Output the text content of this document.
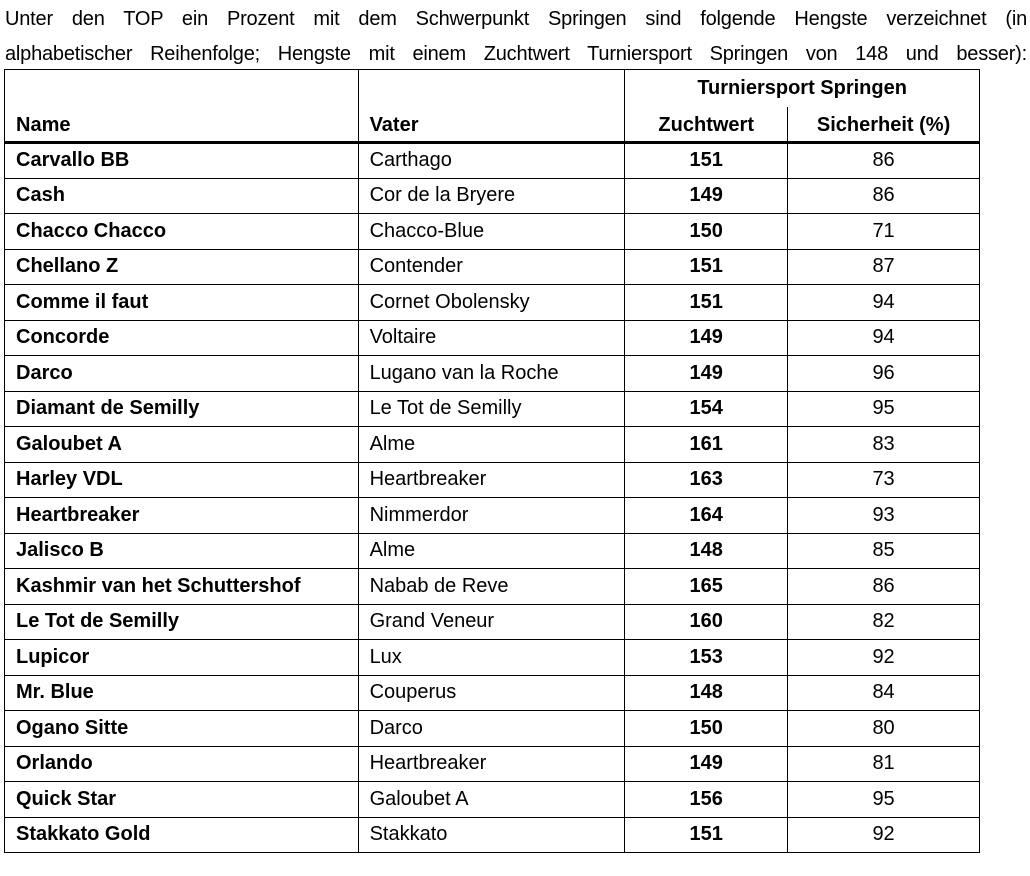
Unter den TOP ein Prozent mit dem Schwerpunkt Springen sind folgende Hengste verzeichnet (in
alphabetischer Reihenfolge; Hengste mit einem Zuchtwert Turniersport Springen von 148 und besser):
		Turniersport Springen	
Name	Vater	Zuchtwert	Sicherheit (%)
Carvallo BB	Carthago	151	86
Cash	Cor de la Bryere	149	86
Chacco Chacco	Chacco-Blue	150	71
Chellano Z	Contender	151	87
Comme il faut	Cornet Obolensky	151	94
Concorde	Voltaire	149	94
Darco	Lugano van la Roche	149	96
Diamant de Semilly	Le Tot de Semilly	154	95
Galoubet A	Alme	161	83
Harley VDL	Heartbreaker	163	73
Heartbreaker	Nimmerdor	164	93
Jalisco B	Alme	148	85
Kashmir van het Schuttershof	Nabab de Reve	165	86
Le Tot de Semilly	Grand Veneur	160	82
Lupicor	Lux	153	92
Mr. Blue	Couperus	148	84
Ogano Sitte	Darco	150	80
Orlando	Heartbreaker	149	81
Quick Star	Galoubet A	156	95
Stakkato Gold	Stakkato	151	92
